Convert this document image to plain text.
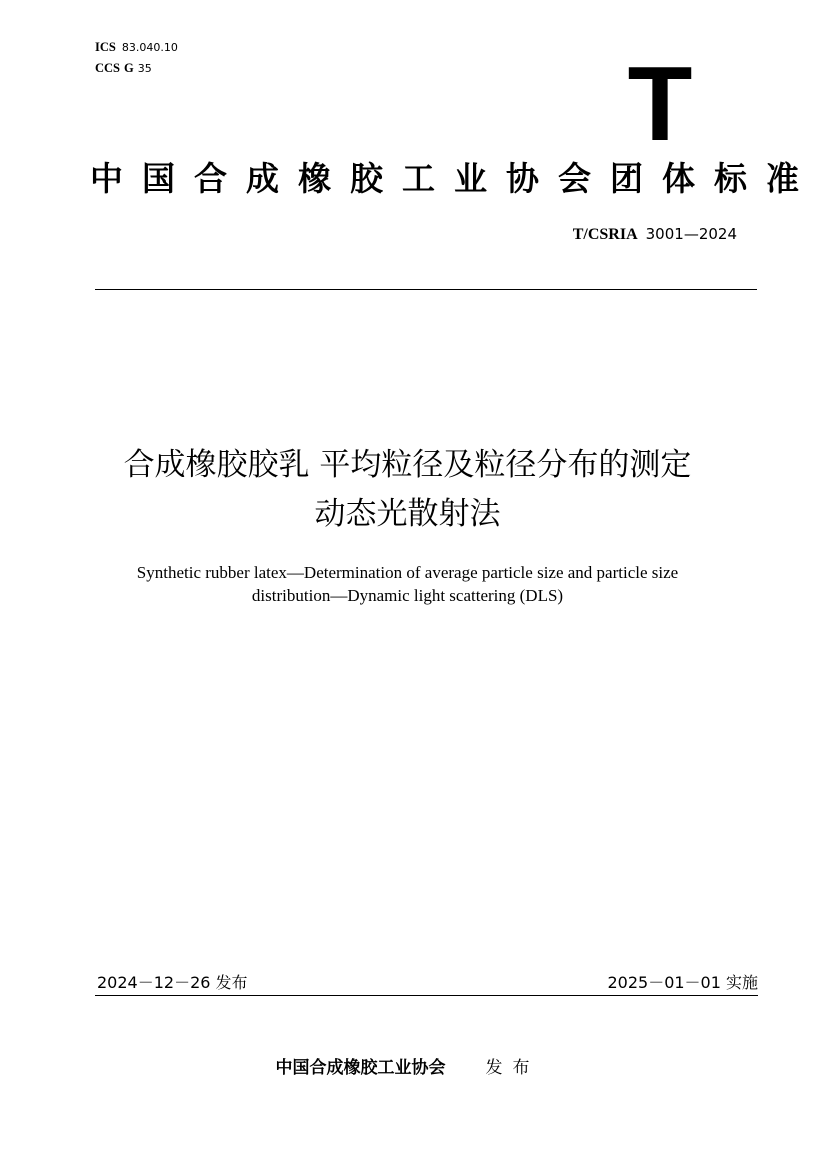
ICS 83.040.10
CCS G 35	T
中国合成橡胶工业协会团体标准
T/CSRIA 3001—2024
合成橡胶胶乳 平均粒径及粒径分布的测定
动态光散射法
Synthetic rubber latex—Determination of average particle size and particle size
distribution—Dynamic light scattering (DLS)
2024－12－26 发布	2025－01－01 实施
中国合成橡胶工业协会 发布
